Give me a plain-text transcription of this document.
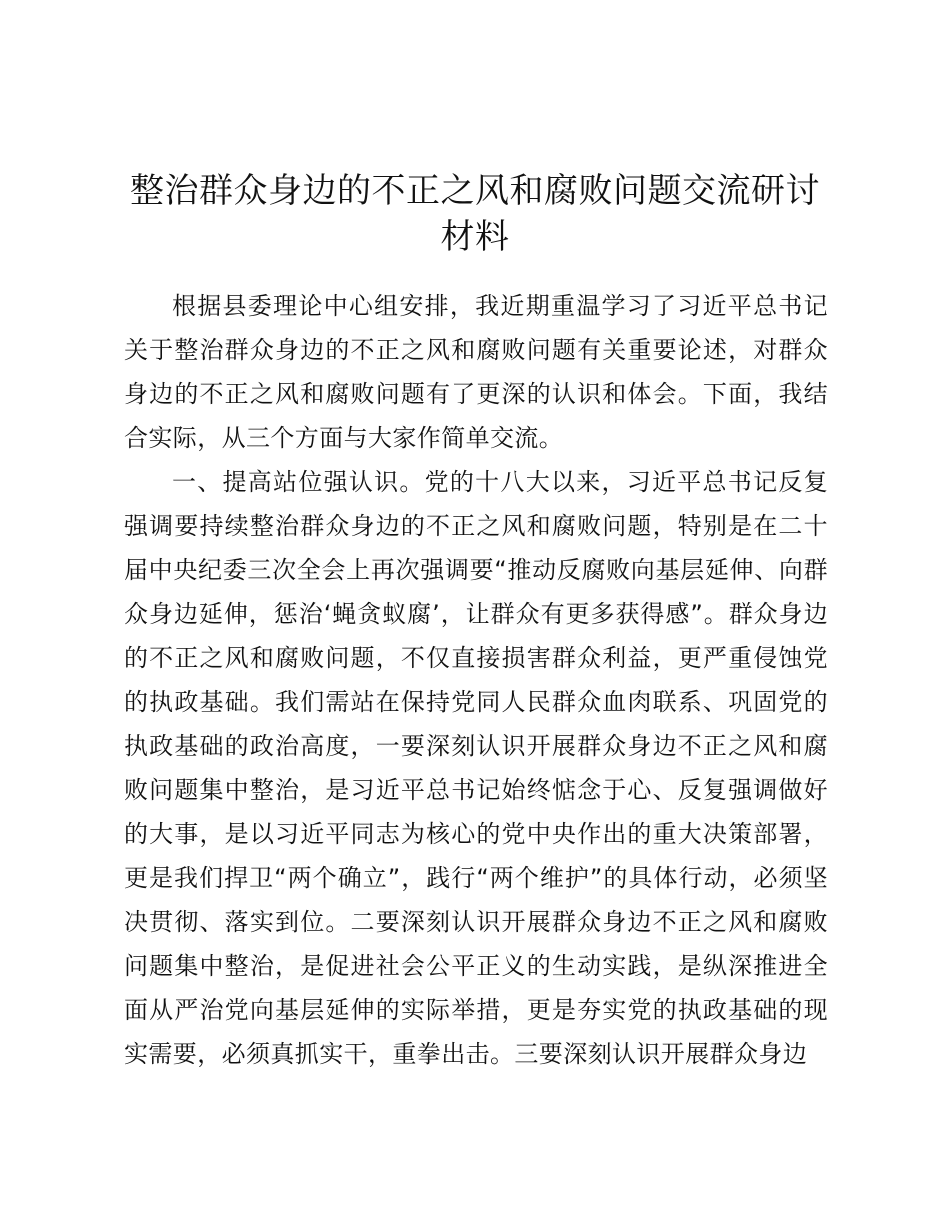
整治群众身边的不正之风和腐败问题交流研讨材料

根据县委理论中心组安排，我近期重温学习了习近平总书记关于整治群众身边的不正之风和腐败问题有关重要论述，对群众身边的不正之风和腐败问题有了更深的认识和体会。下面，我结合实际，从三个方面与大家作简单交流。

一、提高站位强认识。党的十八大以来，习近平总书记反复强调要持续整治群众身边的不正之风和腐败问题，特别是在二十届中央纪委三次全会上再次强调要“推动反腐败向基层延伸、向群众身边延伸，惩治‘蝇贪蚁腐’，让群众有更多获得感”。群众身边的不正之风和腐败问题，不仅直接损害群众利益，更严重侵蚀党的执政基础。我们需站在保持党同人民群众血肉联系、巩固党的执政基础的政治高度，一要深刻认识开展群众身边不正之风和腐败问题集中整治，是习近平总书记始终惦念于心、反复强调做好的大事，是以习近平同志为核心的党中央作出的重大决策部署，更是我们捍卫“两个确立”，践行“两个维护”的具体行动，必须坚决贯彻、落实到位。二要深刻认识开展群众身边不正之风和腐败问题集中整治，是促进社会公平正义的生动实践，是纵深推进全面从严治党向基层延伸的实际举措，更是夯实党的执政基础的现实需要，必须真抓实干，重拳出击。三要深刻认识开展群众身边
